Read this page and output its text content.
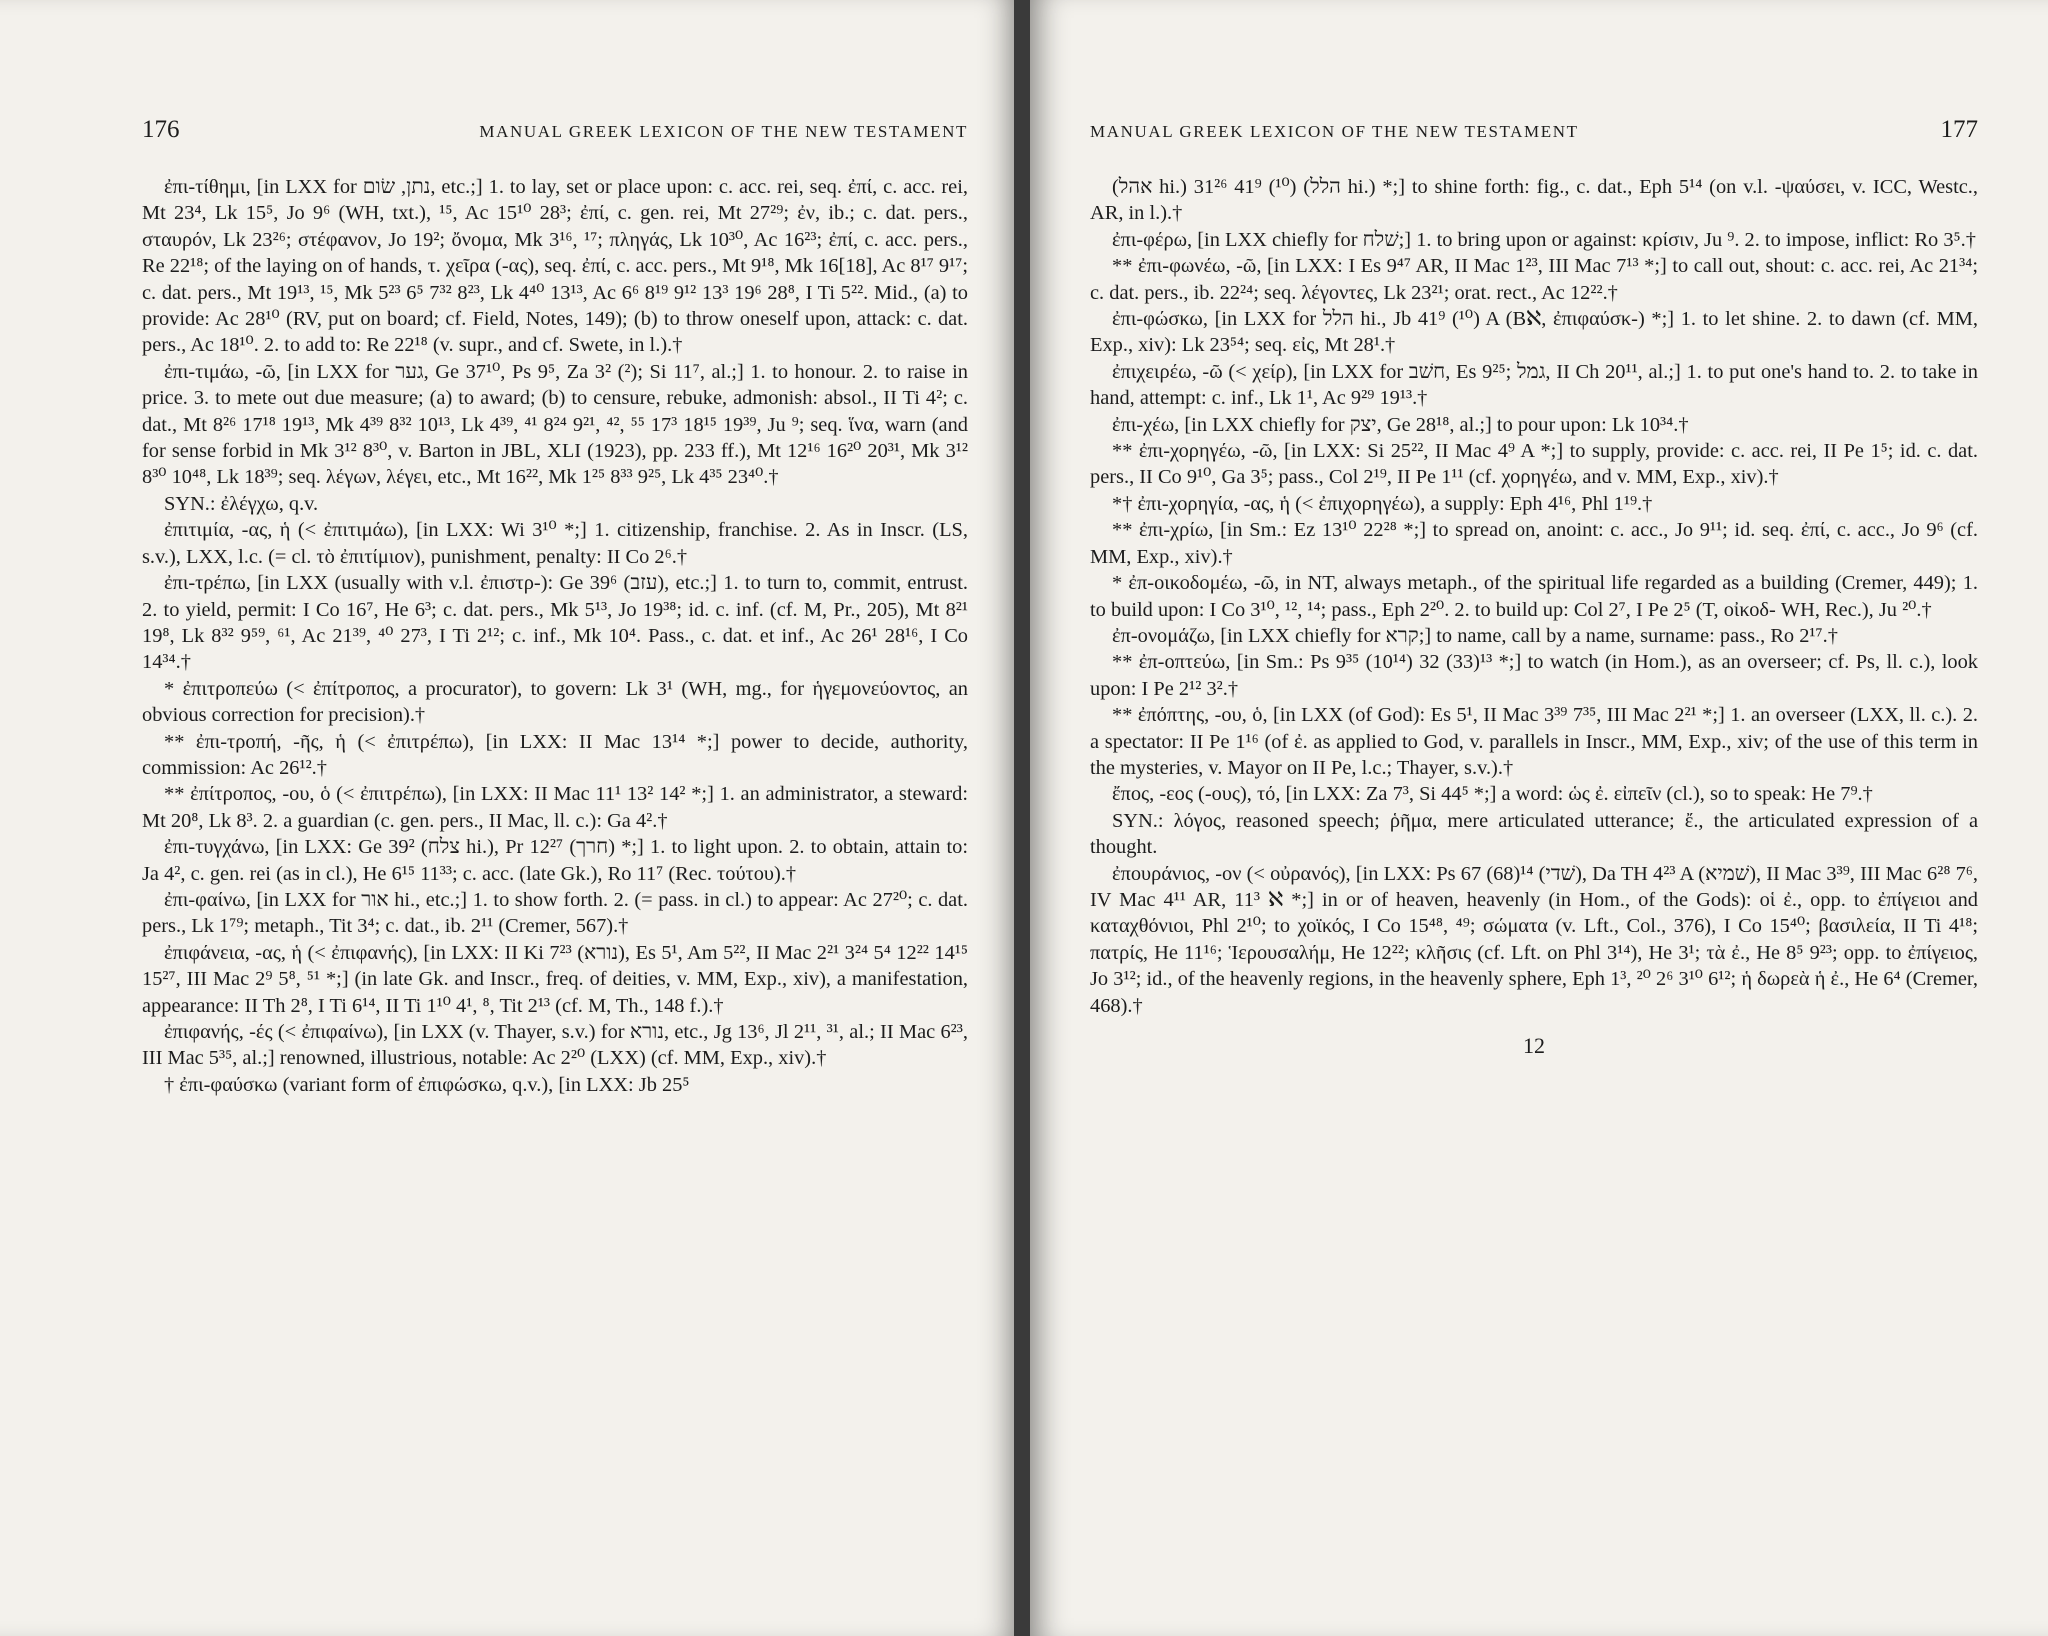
176	MANUAL GREEK LEXICON OF THE NEW TESTAMENT

ἐπι-τίθημι, [in LXX for נתן, שׂום, etc.;] 1. to lay, set or place upon: c. acc. rei, seq. ἐπί, c. acc. rei, Mt 23⁴, Lk 15⁵, Jo 9⁶ (WH, txt.), ¹⁵, Ac 15¹⁰ 28³; ἐπί, c. gen. rei, Mt 27²⁹; ἐν, ib.; c. dat. pers., σταυρόν, Lk 23²⁶; στέφανον, Jo 19²; ὄνομα, Mk 3¹⁶, ¹⁷; πληγάς, Lk 10³⁰, Ac 16²³; ἐπί, c. acc. pers., Re 22¹⁸; of the laying on of hands, τ. χεῖρα (-ας), seq. ἐπί, c. acc. pers., Mt 9¹⁸, Mk 16[18], Ac 8¹⁷ 9¹⁷; c. dat. pers., Mt 19¹³, ¹⁵, Mk 5²³ 6⁵ 7³² 8²³, Lk 4⁴⁰ 13¹³, Ac 6⁶ 8¹⁹ 9¹² 13³ 19⁶ 28⁸, I Ti 5²². Mid., (a) to provide: Ac 28¹⁰ (RV, put on board; cf. Field, Notes, 149); (b) to throw oneself upon, attack: c. dat. pers., Ac 18¹⁰. 2. to add to: Re 22¹⁸ (v. supr., and cf. Swete, in l.).†

ἐπι-τιμάω, -ῶ, [in LXX for גער, Ge 37¹⁰, Ps 9⁵, Za 3² (²); Si 11⁷, al.;] 1. to honour. 2. to raise in price. 3. to mete out due measure; (a) to award; (b) to censure, rebuke, admonish: absol., II Ti 4²; c. dat., Mt 8²⁶ 17¹⁸ 19¹³, Mk 4³⁹ 8³² 10¹³, Lk 4³⁹, ⁴¹ 8²⁴ 9²¹, ⁴², ⁵⁵ 17³ 18¹⁵ 19³⁹, Ju ⁹; seq. ἵνα, warn (and for sense forbid in Mk 3¹² 8³⁰, v. Barton in JBL, XLI (1923), pp. 233 ff.), Mt 12¹⁶ 16²⁰ 20³¹, Mk 3¹² 8³⁰ 10⁴⁸, Lk 18³⁹; seq. λέγων, λέγει, etc., Mt 16²², Mk 1²⁵ 8³³ 9²⁵, Lk 4³⁵ 23⁴⁰.†

SYN.: ἐλέγχω, q.v.

ἐπιτιμία, -ας, ἡ (< ἐπιτιμάω), [in LXX: Wi 3¹⁰ *;] 1. citizenship, franchise. 2. As in Inscr. (LS, s.v.), LXX, l.c. (= cl. τὸ ἐπιτίμιον), punishment, penalty: II Co 2⁶.†

ἐπι-τρέπω, [in LXX (usually with v.l. ἐπιστρ-): Ge 39⁶ (עזב), etc.;] 1. to turn to, commit, entrust. 2. to yield, permit: I Co 16⁷, He 6³; c. dat. pers., Mk 5¹³, Jo 19³⁸; id. c. inf. (cf. M, Pr., 205), Mt 8²¹ 19⁸, Lk 8³² 9⁵⁹, ⁶¹, Ac 21³⁹, ⁴⁰ 27³, I Ti 2¹²; c. inf., Mk 10⁴. Pass., c. dat. et inf., Ac 26¹ 28¹⁶, I Co 14³⁴.†

* ἐπιτροπεύω (< ἐπίτροπος, a procurator), to govern: Lk 3¹ (WH, mg., for ἡγεμονεύοντος, an obvious correction for precision).†

** ἐπι-τροπή, -ῆς, ἡ (< ἐπιτρέπω), [in LXX: II Mac 13¹⁴ *;] power to decide, authority, commission: Ac 26¹².†

** ἐπίτροπος, -ου, ὁ (< ἐπιτρέπω), [in LXX: II Mac 11¹ 13² 14² *;] 1. an administrator, a steward: Mt 20⁸, Lk 8³. 2. a guardian (c. gen. pers., II Mac, ll. c.): Ga 4².†

ἐπι-τυγχάνω, [in LXX: Ge 39² (צלח hi.), Pr 12²⁷ (חרך) *;] 1. to light upon. 2. to obtain, attain to: Ja 4², c. gen. rei (as in cl.), He 6¹⁵ 11³³; c. acc. (late Gk.), Ro 11⁷ (Rec. τούτου).†

ἐπι-φαίνω, [in LXX for אור hi., etc.;] 1. to show forth. 2. (= pass. in cl.) to appear: Ac 27²⁰; c. dat. pers., Lk 1⁷⁹; metaph., Tit 3⁴; c. dat., ib. 2¹¹ (Cremer, 567).†

ἐπιφάνεια, -ας, ἡ (< ἐπιφανής), [in LXX: II Ki 7²³ (נורא), Es 5¹, Am 5²², II Mac 2²¹ 3²⁴ 5⁴ 12²² 14¹⁵ 15²⁷, III Mac 2⁹ 5⁸, ⁵¹ *;] (in late Gk. and Inscr., freq. of deities, v. MM, Exp., xiv), a manifestation, appearance: II Th 2⁸, I Ti 6¹⁴, II Ti 1¹⁰ 4¹, ⁸, Tit 2¹³ (cf. M, Th., 148 f.).†

ἐπιφανής, -ές (< ἐπιφαίνω), [in LXX (v. Thayer, s.v.) for נורא, etc., Jg 13⁶, Jl 2¹¹, ³¹, al.; II Mac 6²³, III Mac 5³⁵, al.;] renowned, illustrious, notable: Ac 2²⁰ (LXX) (cf. MM, Exp., xiv).†

† ἐπι-φαύσκω (variant form of ἐπιφώσκω, q.v.), [in LXX: Jb 25⁵

MANUAL GREEK LEXICON OF THE NEW TESTAMENT	177

(אהל hi.) 31²⁶ 41⁹ (¹⁰) (הלל hi.) *;] to shine forth: fig., c. dat., Eph 5¹⁴ (on v.l. -ψαύσει, v. ICC, Westc., AR, in l.).†

ἐπι-φέρω, [in LXX chiefly for שׁלח;] 1. to bring upon or against: κρίσιν, Ju ⁹. 2. to impose, inflict: Ro 3⁵.†

** ἐπι-φωνέω, -ῶ, [in LXX: I Es 9⁴⁷ AR, II Mac 1²³, III Mac 7¹³ *;] to call out, shout: c. acc. rei, Ac 21³⁴; c. dat. pers., ib. 22²⁴; seq. λέγοντες, Lk 23²¹; orat. rect., Ac 12²².†

ἐπι-φώσκω, [in LXX for הלל hi., Jb 41⁹ (¹⁰) A (Bℵ, ἐπιφαύσκ-) *;] 1. to let shine. 2. to dawn (cf. MM, Exp., xiv): Lk 23⁵⁴; seq. εἰς, Mt 28¹.†

ἐπιχειρέω, -ῶ (< χείρ), [in LXX for חשׁב, Es 9²⁵; גמל, II Ch 20¹¹, al.;] 1. to put one's hand to. 2. to take in hand, attempt: c. inf., Lk 1¹, Ac 9²⁹ 19¹³.†

ἐπι-χέω, [in LXX chiefly for יצק, Ge 28¹⁸, al.;] to pour upon: Lk 10³⁴.†

** ἐπι-χορηγέω, -ῶ, [in LXX: Si 25²², II Mac 4⁹ A *;] to supply, provide: c. acc. rei, II Pe 1⁵; id. c. dat. pers., II Co 9¹⁰, Ga 3⁵; pass., Col 2¹⁹, II Pe 1¹¹ (cf. χορηγέω, and v. MM, Exp., xiv).†

*† ἐπι-χορηγία, -ας, ἡ (< ἐπιχορηγέω), a supply: Eph 4¹⁶, Phl 1¹⁹.†

** ἐπι-χρίω, [in Sm.: Ez 13¹⁰ 22²⁸ *;] to spread on, anoint: c. acc., Jo 9¹¹; id. seq. ἐπί, c. acc., Jo 9⁶ (cf. MM, Exp., xiv).†

* ἐπ-οικοδομέω, -ῶ, in NT, always metaph., of the spiritual life regarded as a building (Cremer, 449); 1. to build upon: I Co 3¹⁰, ¹², ¹⁴; pass., Eph 2²⁰. 2. to build up: Col 2⁷, I Pe 2⁵ (T, οἰκοδ- WH, Rec.), Ju ²⁰.†

ἐπ-ονομάζω, [in LXX chiefly for קרא;] to name, call by a name, surname: pass., Ro 2¹⁷.†

** ἐπ-οπτεύω, [in Sm.: Ps 9³⁵ (10¹⁴) 32 (33)¹³ *;] to watch (in Hom.), as an overseer; cf. Ps, ll. c.), look upon: I Pe 2¹² 3².†

** ἐπόπτης, -ου, ὁ, [in LXX (of God): Es 5¹, II Mac 3³⁹ 7³⁵, III Mac 2²¹ *;] 1. an overseer (LXX, ll. c.). 2. a spectator: II Pe 1¹⁶ (of ἐ. as applied to God, v. parallels in Inscr., MM, Exp., xiv; of the use of this term in the mysteries, v. Mayor on II Pe, l.c.; Thayer, s.v.).†

ἔπος, -εος (-ους), τό, [in LXX: Za 7³, Si 44⁵ *;] a word: ὡς ἐ. εἰπεῖν (cl.), so to speak: He 7⁹.†

SYN.: λόγος, reasoned speech; ῥῆμα, mere articulated utterance; ἔ., the articulated expression of a thought.

ἐπουράνιος, -ον (< οὐρανός), [in LXX: Ps 67 (68)¹⁴ (שׁדי), Da TH 4²³ A (שׁמיא), II Mac 3³⁹, III Mac 6²⁸ 7⁶, IV Mac 4¹¹ AR, 11³ ℵ *;] in or of heaven, heavenly (in Hom., of the Gods): οἱ ἐ., opp. to ἐπίγειοι and καταχθόνιοι, Phl 2¹⁰; to χοϊκός, I Co 15⁴⁸, ⁴⁹; σώματα (v. Lft., Col., 376), I Co 15⁴⁰; βασιλεία, II Ti 4¹⁸; πατρίς, He 11¹⁶; Ἱερουσαλήμ, He 12²²; κλῆσις (cf. Lft. on Phl 3¹⁴), He 3¹; τὰ ἐ., He 8⁵ 9²³; opp. to ἐπίγειος, Jo 3¹²; id., of the heavenly regions, in the heavenly sphere, Eph 1³, ²⁰ 2⁶ 3¹⁰ 6¹²; ἡ δωρεὰ ἡ ἐ., He 6⁴ (Cremer, 468).†

12
